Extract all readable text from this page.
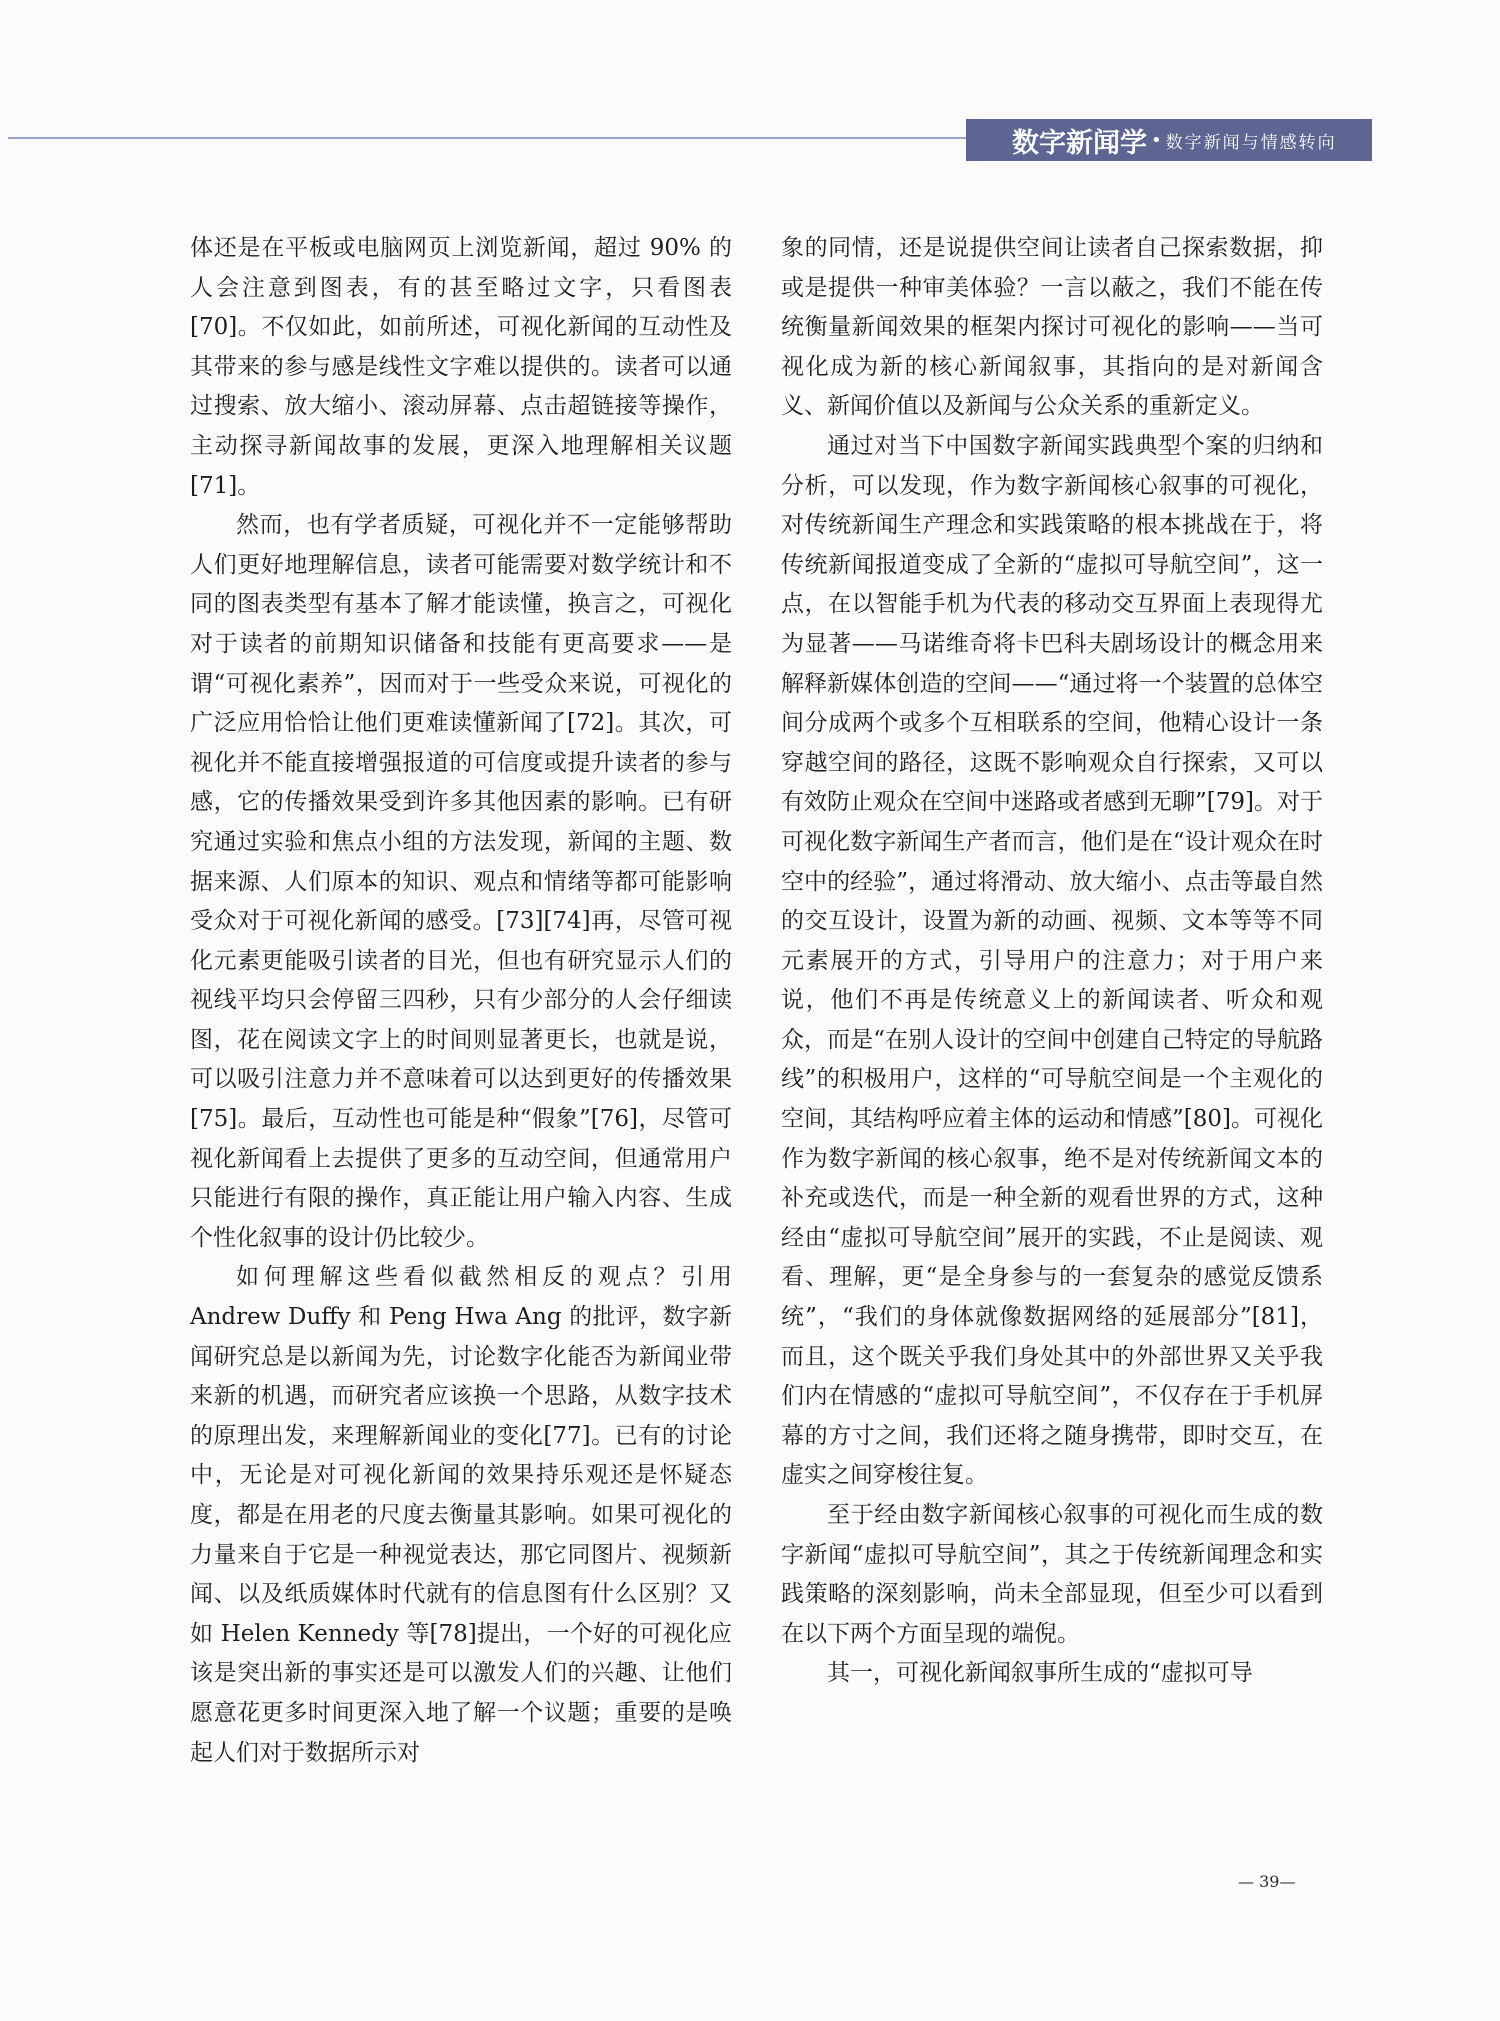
数字新闻学 • 数字新闻与情感转向

体还是在平板或电脑网页上浏览新闻，超过 90% 的人会注意到图表，有的甚至略过文字，只看图表[70]。不仅如此，如前所述，可视化新闻的互动性及其带来的参与感是线性文字难以提供的。读者可以通过搜索、放大缩小、滚动屏幕、点击超链接等操作，主动探寻新闻故事的发展，更深入地理解相关议题[71]。

然而，也有学者质疑，可视化并不一定能够帮助人们更好地理解信息，读者可能需要对数学统计和不同的图表类型有基本了解才能读懂，换言之，可视化对于读者的前期知识储备和技能有更高要求——是谓“可视化素养”，因而对于一些受众来说，可视化的广泛应用恰恰让他们更难读懂新闻了[72]。其次，可视化并不能直接增强报道的可信度或提升读者的参与感，它的传播效果受到许多其他因素的影响。已有研究通过实验和焦点小组的方法发现，新闻的主题、数据来源、人们原本的知识、观点和情绪等都可能影响受众对于可视化新闻的感受。[73][74]再，尽管可视化元素更能吸引读者的目光，但也有研究显示人们的视线平均只会停留三四秒，只有少部分的人会仔细读图，花在阅读文字上的时间则显著更长，也就是说，可以吸引注意力并不意味着可以达到更好的传播效果[75]。最后，互动性也可能是种“假象”[76]，尽管可视化新闻看上去提供了更多的互动空间，但通常用户只能进行有限的操作，真正能让用户输入内容、生成个性化叙事的设计仍比较少。

如何理解这些看似截然相反的观点？引用 Andrew Duffy 和 Peng Hwa Ang 的批评，数字新闻研究总是以新闻为先，讨论数字化能否为新闻业带来新的机遇，而研究者应该换一个思路，从数字技术的原理出发，来理解新闻业的变化[77]。已有的讨论中，无论是对可视化新闻的效果持乐观还是怀疑态度，都是在用老的尺度去衡量其影响。如果可视化的力量来自于它是一种视觉表达，那它同图片、视频新闻、以及纸质媒体时代就有的信息图有什么区别？又如 Helen Kennedy 等[78]提出，一个好的可视化应该是突出新的事实还是可以激发人们的兴趣、让他们愿意花更多时间更深入地了解一个议题；重要的是唤起人们对于数据所示对

象的同情，还是说提供空间让读者自己探索数据，抑或是提供一种审美体验？一言以蔽之，我们不能在传统衡量新闻效果的框架内探讨可视化的影响——当可视化成为新的核心新闻叙事，其指向的是对新闻含义、新闻价值以及新闻与公众关系的重新定义。

通过对当下中国数字新闻实践典型个案的归纳和分析，可以发现，作为数字新闻核心叙事的可视化，对传统新闻生产理念和实践策略的根本挑战在于，将传统新闻报道变成了全新的“虚拟可导航空间”，这一点，在以智能手机为代表的移动交互界面上表现得尤为显著——马诺维奇将卡巴科夫剧场设计的概念用来解释新媒体创造的空间——“通过将一个装置的总体空间分成两个或多个互相联系的空间，他精心设计一条穿越空间的路径，这既不影响观众自行探索，又可以有效防止观众在空间中迷路或者感到无聊”[79]。对于可视化数字新闻生产者而言，他们是在“设计观众在时空中的经验”，通过将滑动、放大缩小、点击等最自然的交互设计，设置为新的动画、视频、文本等等不同元素展开的方式，引导用户的注意力；对于用户来说，他们不再是传统意义上的新闻读者、听众和观众，而是“在别人设计的空间中创建自己特定的导航路线”的积极用户，这样的“可导航空间是一个主观化的空间，其结构呼应着主体的运动和情感”[80]。可视化作为数字新闻的核心叙事，绝不是对传统新闻文本的补充或迭代，而是一种全新的观看世界的方式，这种经由“虚拟可导航空间”展开的实践，不止是阅读、观看、理解，更“是全身参与的一套复杂的感觉反馈系统”，“我们的身体就像数据网络的延展部分”[81]，而且，这个既关乎我们身处其中的外部世界又关乎我们内在情感的“虚拟可导航空间”，不仅存在于手机屏幕的方寸之间，我们还将之随身携带，即时交互，在虚实之间穿梭往复。

至于经由数字新闻核心叙事的可视化而生成的数字新闻“虚拟可导航空间”，其之于传统新闻理念和实践策略的深刻影响，尚未全部显现，但至少可以看到在以下两个方面呈现的端倪。

其一，可视化新闻叙事所生成的“虚拟可导

— 39—
